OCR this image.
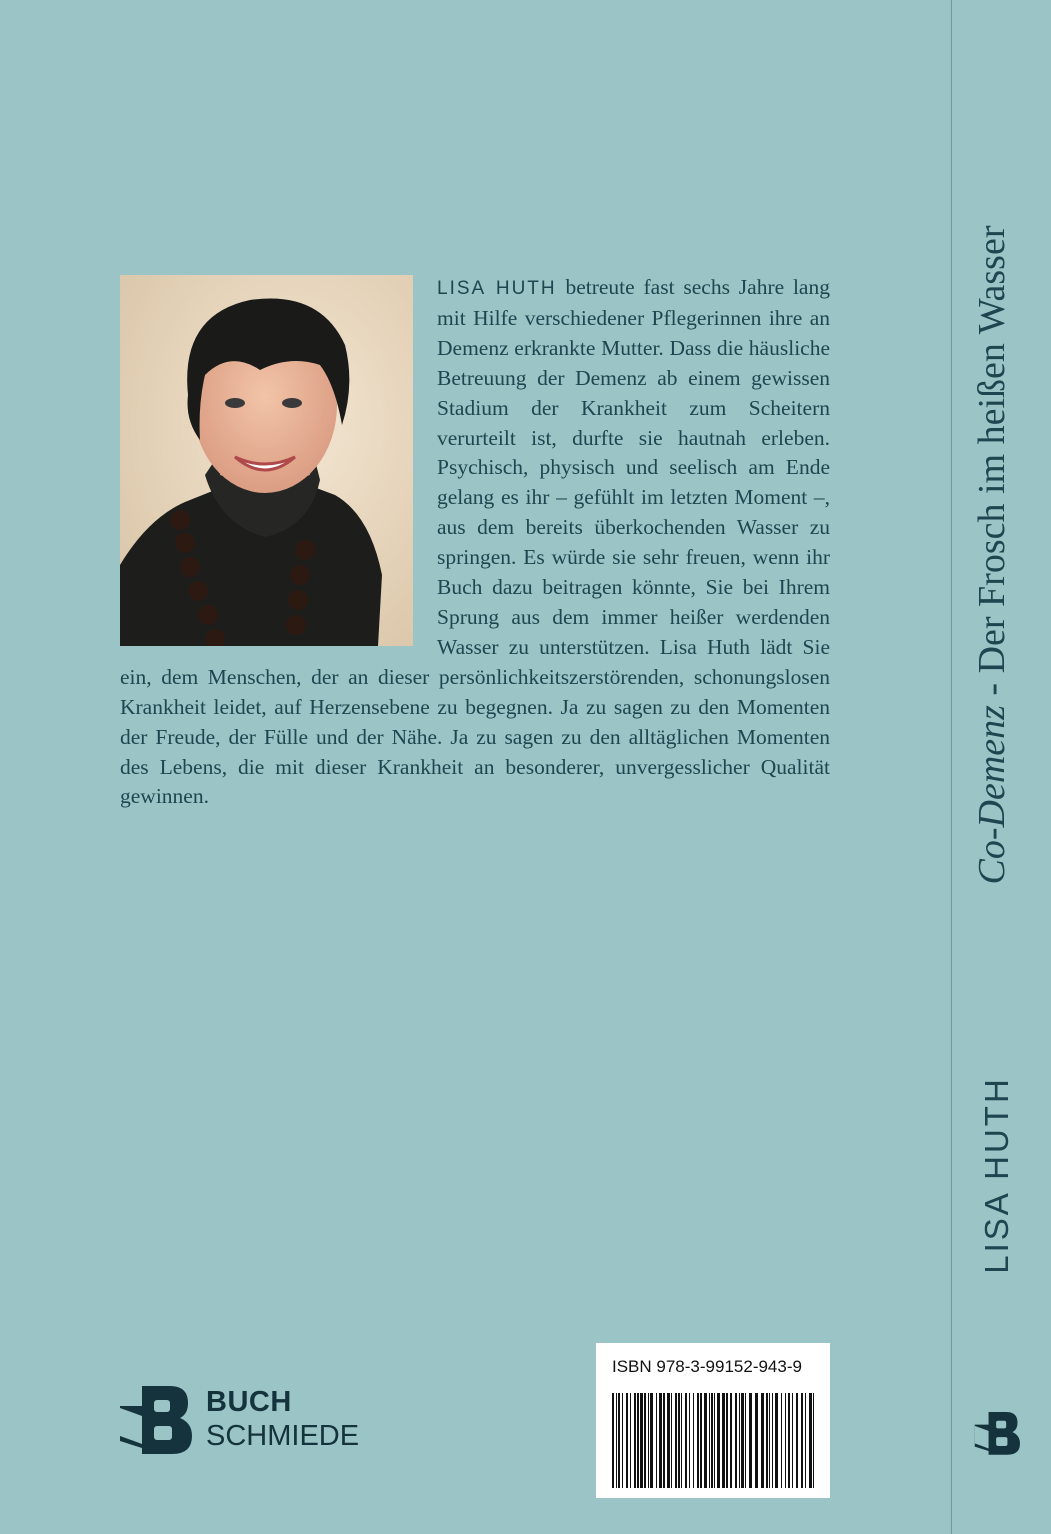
LISA HUTH betreute fast sechs Jahre lang mit Hilfe verschiedener Pflegerinnen ihre an Demenz erkrankte Mutter. Dass die häusliche Betreuung der Demenz ab einem gewissen Stadium der Krankheit zum Scheitern verurteilt ist, durfte sie hautnah erleben. Psychisch, physisch und seelisch am Ende gelang es ihr – gefühlt im letzten Moment –, aus dem bereits überkochenden Wasser zu springen. Es würde sie sehr freuen, wenn ihr Buch dazu beitragen könnte, Sie bei Ihrem Sprung aus dem immer heißer werdenden Wasser zu unterstützen. Lisa Huth lädt Sie ein, dem Menschen, der an dieser persönlichkeitszerstörenden, schonungslosen Krankheit leidet, auf Herzensebene zu begegnen. Ja zu sagen zu den Momenten der Freude, der Fülle und der Nähe. Ja zu sagen zu den alltäglichen Momenten des Lebens, die mit dieser Krankheit an besonderer, unvergesslicher Qualität gewinnen.
BUCH
SCHMIEDE
ISBN 978-3-99152-943-9
Co-Demenz - Der Frosch im heißen Wasser
LISA HUTH
